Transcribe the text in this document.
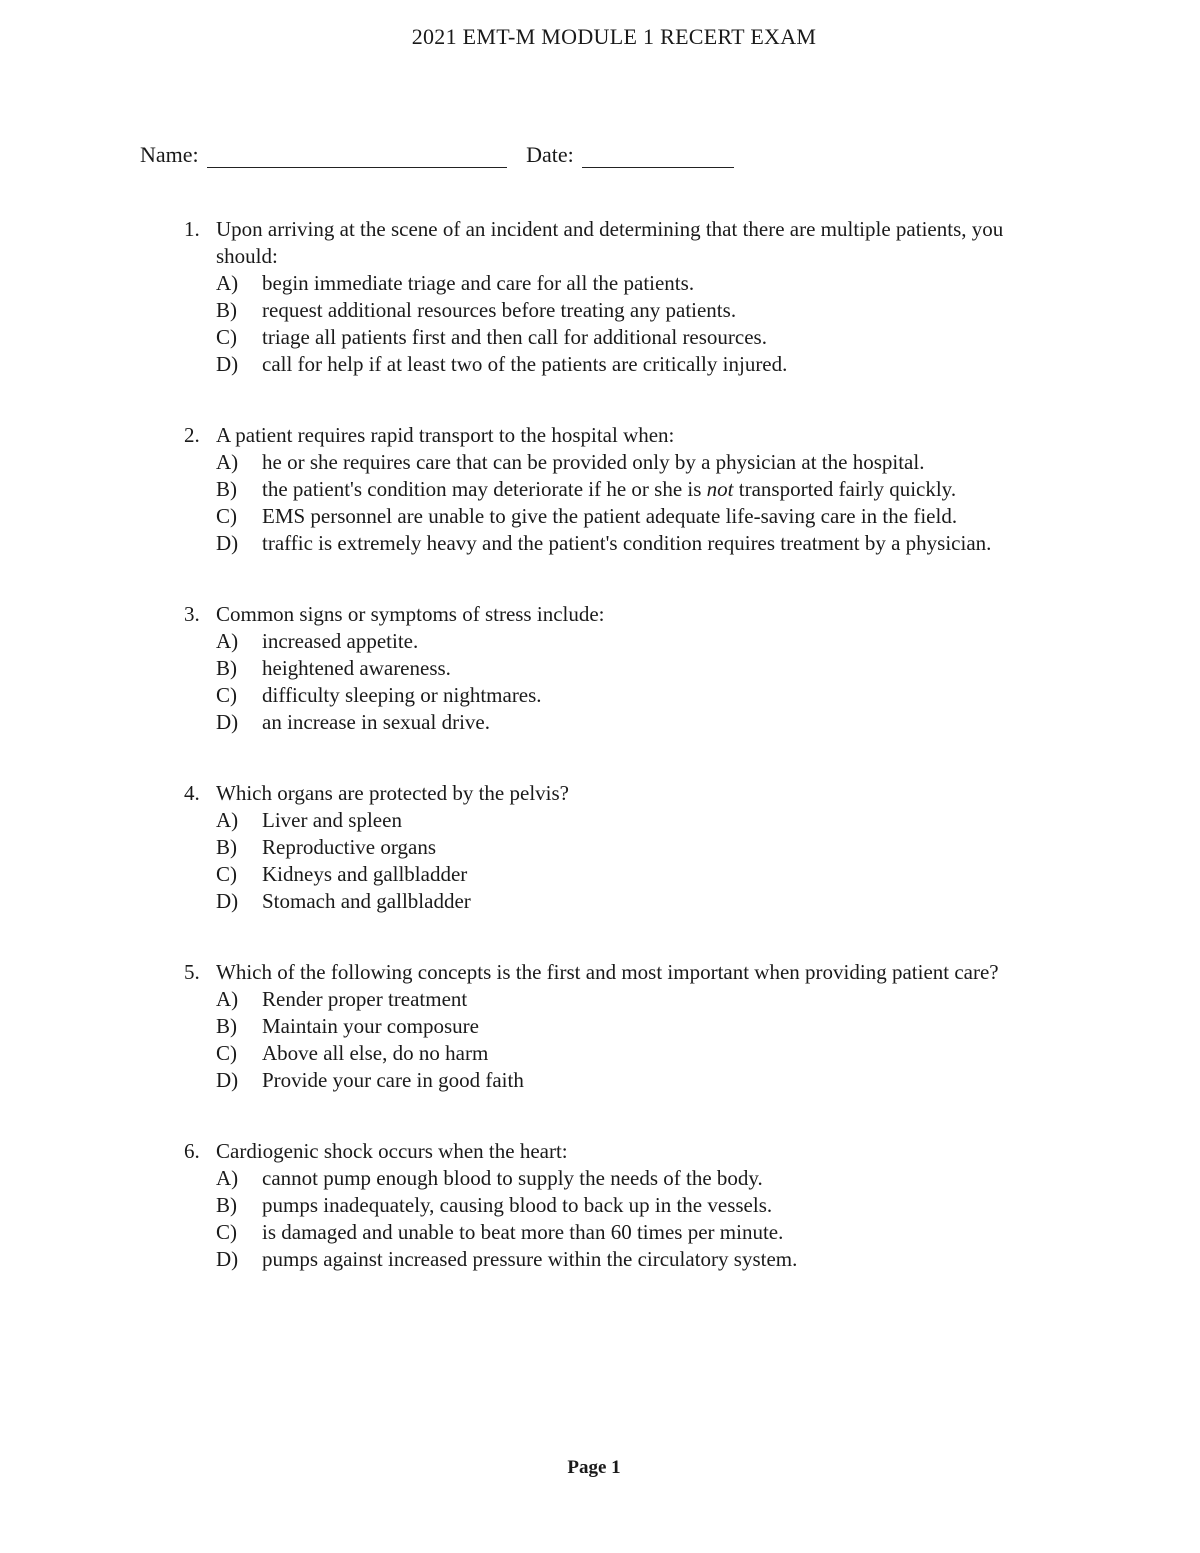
2021 EMT-M MODULE 1 RECERT EXAM
Name:	Date:
1. Upon arriving at the scene of an incident and determining that there are multiple patients, you should:
A) begin immediate triage and care for all the patients.
B) request additional resources before treating any patients.
C) triage all patients first and then call for additional resources.
D) call for help if at least two of the patients are critically injured.
2. A patient requires rapid transport to the hospital when:
A) he or she requires care that can be provided only by a physician at the hospital.
B) the patient's condition may deteriorate if he or she is not transported fairly quickly.
C) EMS personnel are unable to give the patient adequate life-saving care in the field.
D) traffic is extremely heavy and the patient's condition requires treatment by a physician.
3. Common signs or symptoms of stress include:
A) increased appetite.
B) heightened awareness.
C) difficulty sleeping or nightmares.
D) an increase in sexual drive.
4. Which organs are protected by the pelvis?
A) Liver and spleen
B) Reproductive organs
C) Kidneys and gallbladder
D) Stomach and gallbladder
5. Which of the following concepts is the first and most important when providing patient care?
A) Render proper treatment
B) Maintain your composure
C) Above all else, do no harm
D) Provide your care in good faith
6. Cardiogenic shock occurs when the heart:
A) cannot pump enough blood to supply the needs of the body.
B) pumps inadequately, causing blood to back up in the vessels.
C) is damaged and unable to beat more than 60 times per minute.
D) pumps against increased pressure within the circulatory system.
Page 1
